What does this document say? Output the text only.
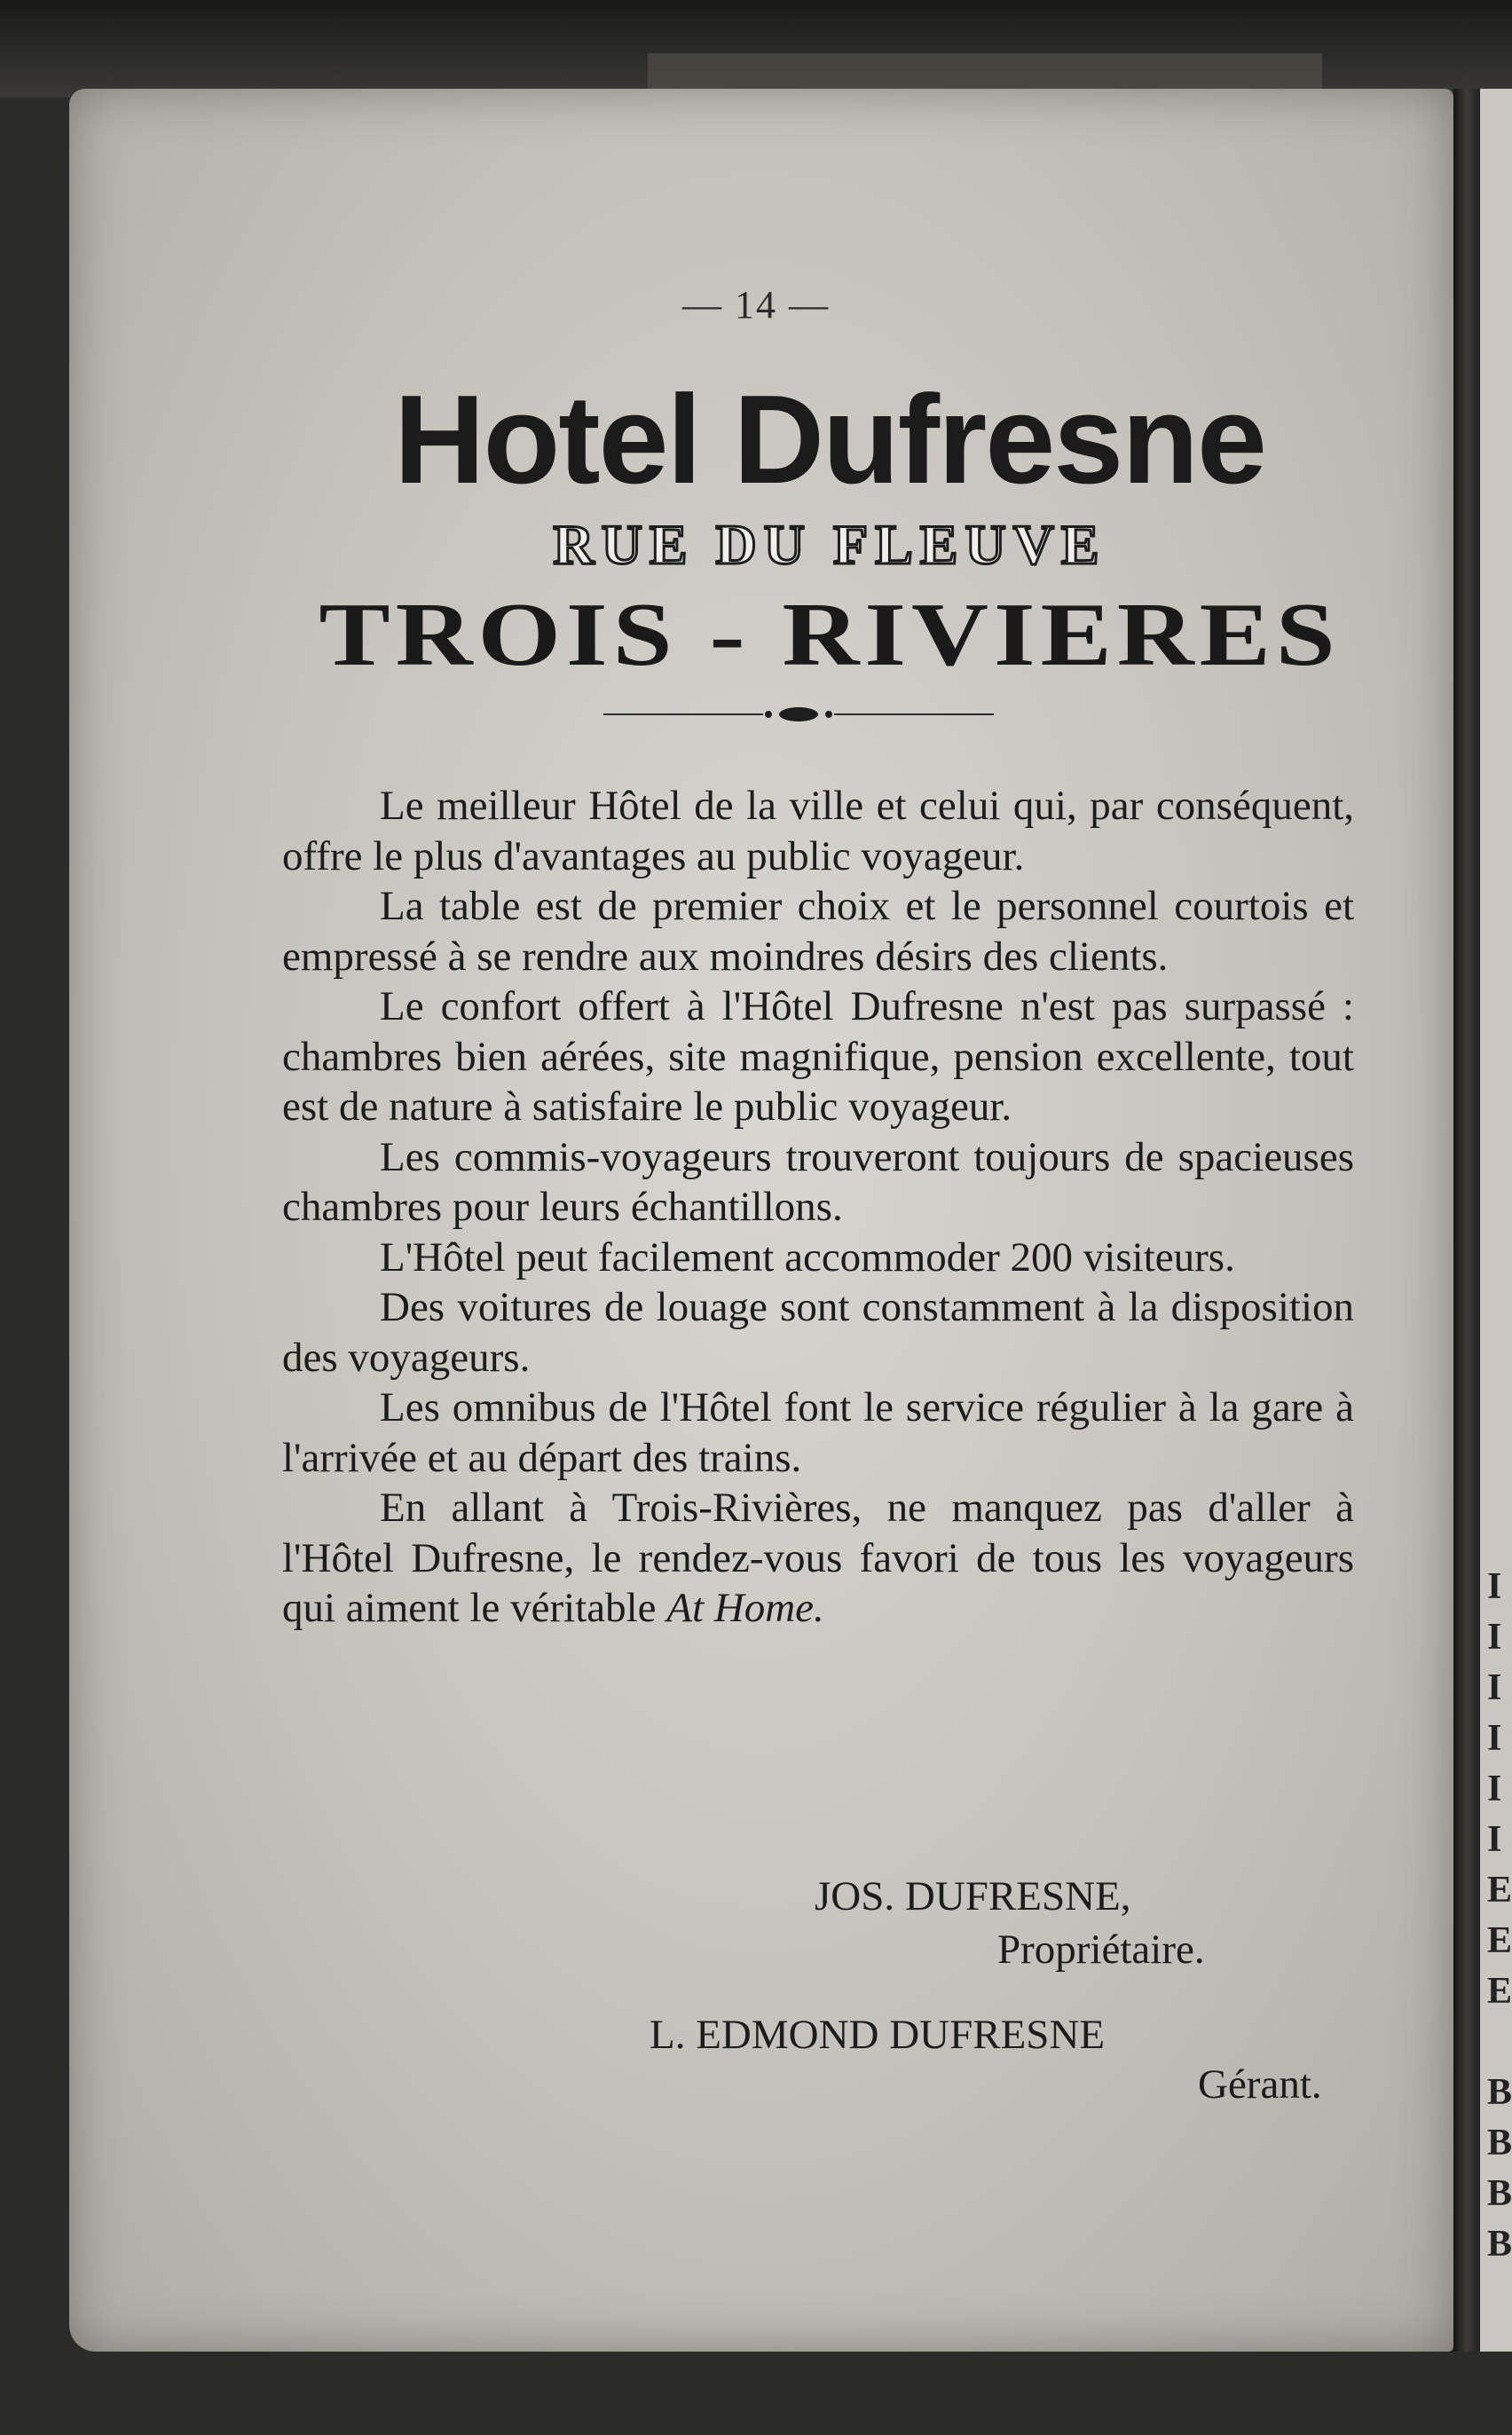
I
I
I
I
I
I
E
E
E

B
B
B
B
— 14 —
Hotel Dufresne
RUE DU FLEUVE
TROIS - RIVIERES

Le meilleur Hôtel de la ville et celui qui, par conséquent, offre le plus d'avantages au public voyageur.

La table est de premier choix et le personnel courtois et empressé à se rendre aux moindres désirs des clients.

Le confort offert à l'Hôtel Dufresne n'est pas surpassé : chambres bien aérées, site magnifique, pension excellente, tout est de nature à satisfaire le public voyageur.

Les commis-voyageurs trouveront toujours de spacieuses chambres pour leurs échantillons.

L'Hôtel peut facilement accommoder 200 visiteurs.

Des voitures de louage sont constamment à la disposition des voyageurs.

Les omnibus de l'Hôtel font le service régulier à la gare à l'arrivée et au départ des trains.

En allant à Trois-Rivières, ne manquez pas d'aller à l'Hôtel Dufresne, le rendez-vous favori de tous les voyageurs qui aiment le véritable At Home.

JOS. DUFRESNE,
Propriétaire.
L. EDMOND DUFRESNE
Gérant.
